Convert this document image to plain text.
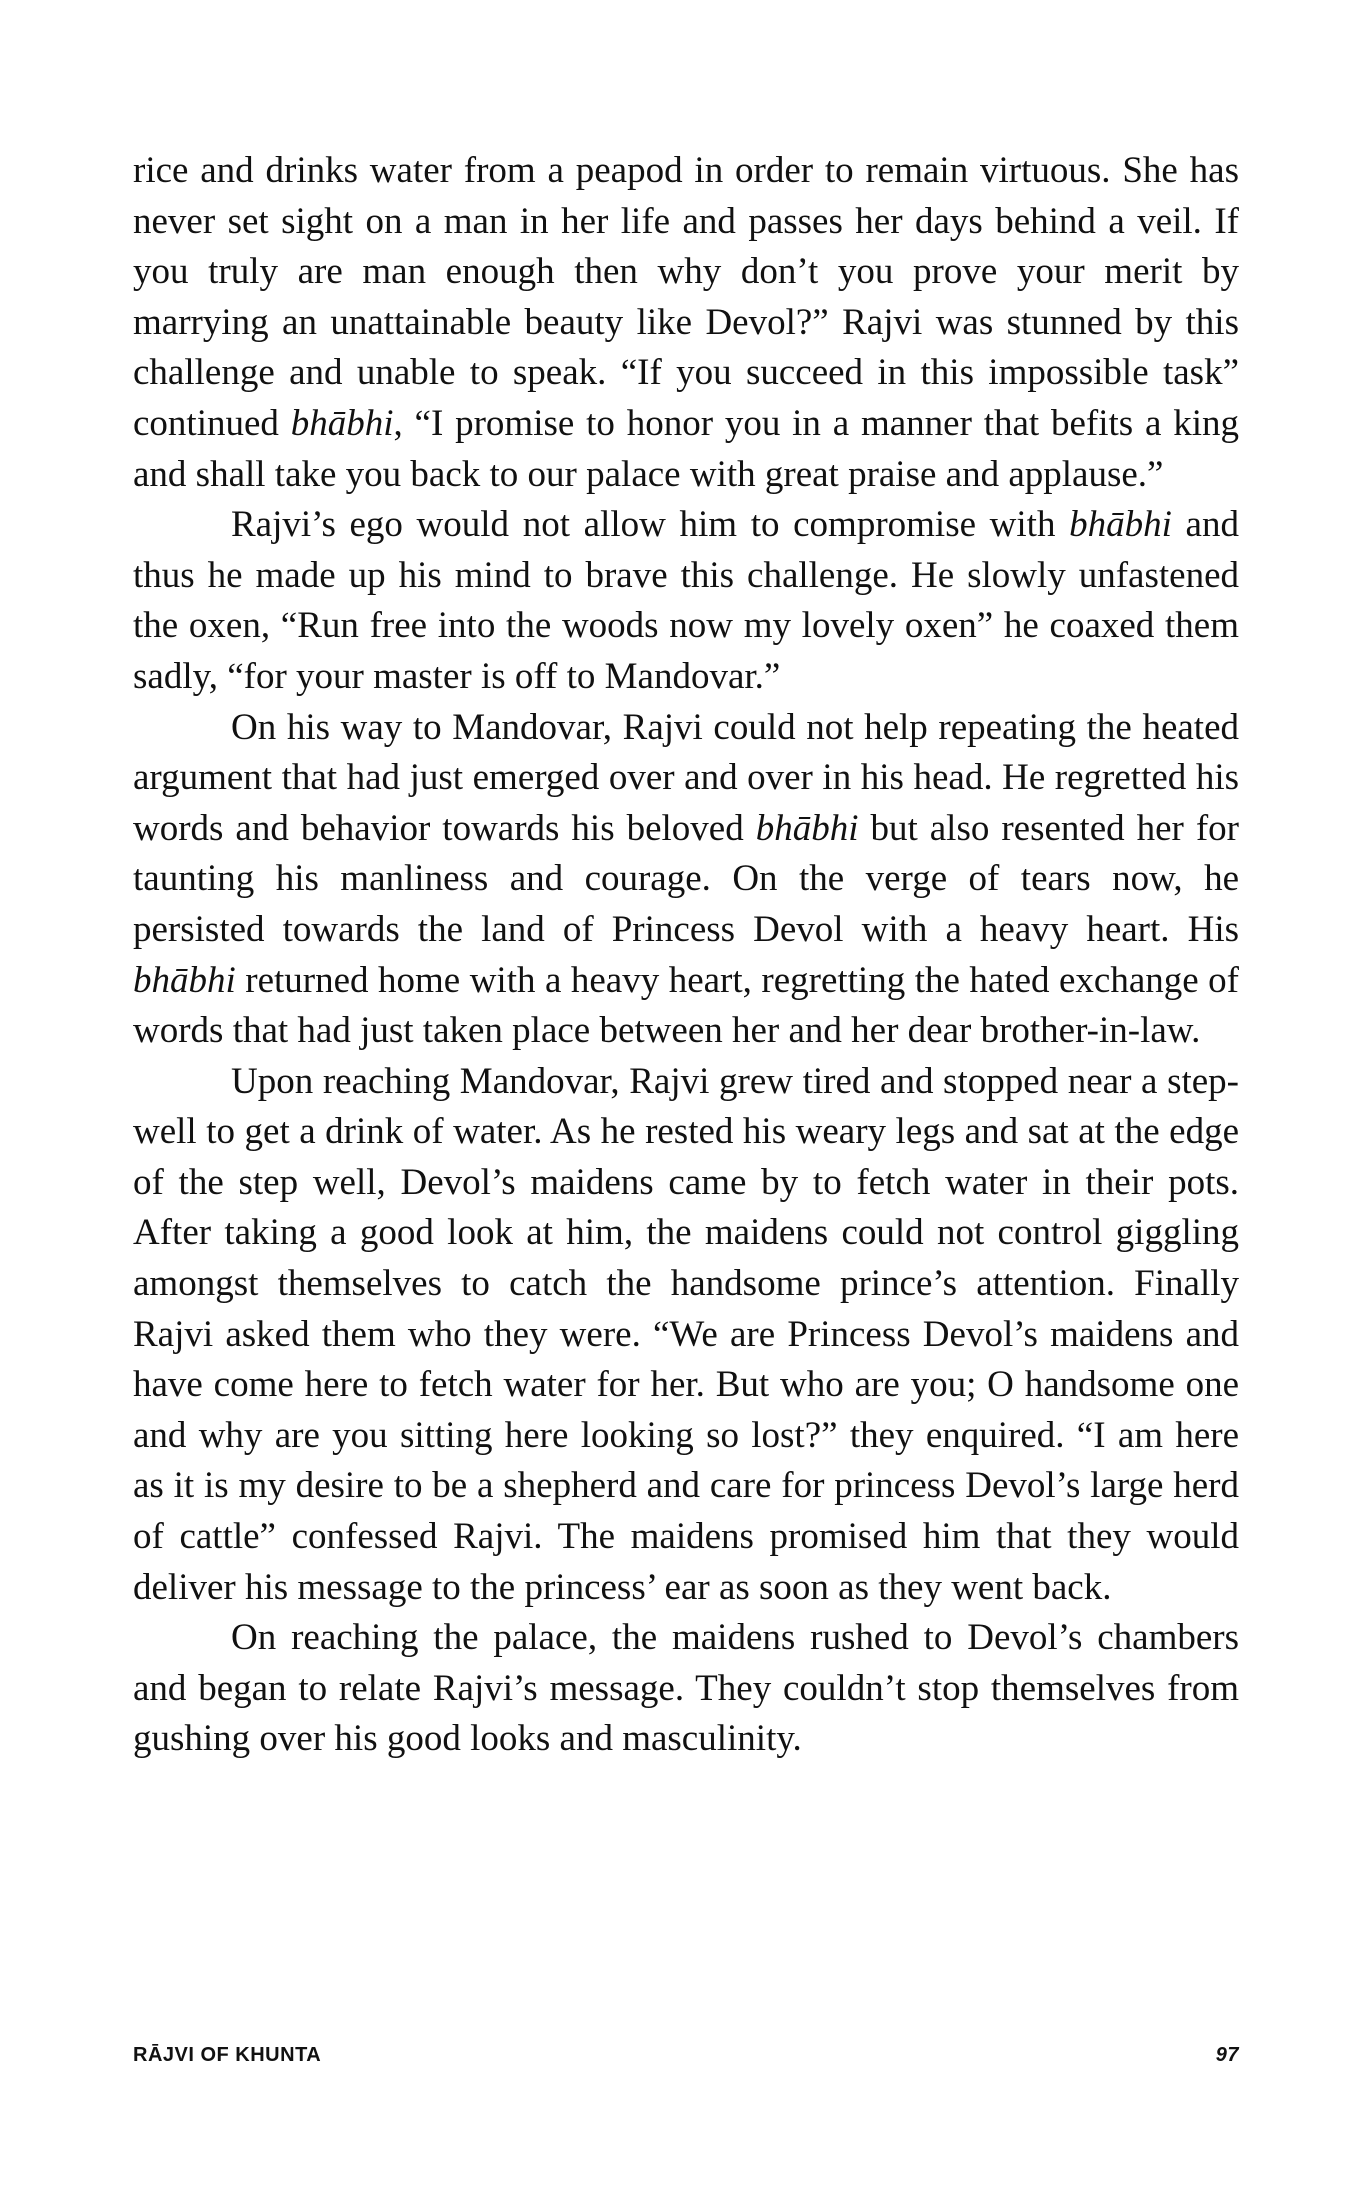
rice and drinks water from a peapod in order to remain virtuous. She has never set sight on a man in her life and passes her days behind a veil. If you truly are man enough then why don’t you prove your merit by marrying an unattainable beauty like Devol?” Rajvi was stunned by this challenge and unable to speak. “If you succeed in this impossible task” continued bhābhi, “I promise to honor you in a manner that befits a king and shall take you back to our palace with great praise and applause.”

Rajvi’s ego would not allow him to compromise with bhābhi and thus he made up his mind to brave this challenge. He slowly unfastened the oxen, “Run free into the woods now my lovely oxen” he coaxed them sadly, “for your master is off to Mandovar.”

On his way to Mandovar, Rajvi could not help repeating the heated argument that had just emerged over and over in his head. He regretted his words and behavior towards his beloved bhābhi but also resented her for taunting his manliness and courage. On the verge of tears now, he persisted towards the land of Princess Devol with a heavy heart. His bhābhi returned home with a heavy heart, regretting the hated exchange of words that had just taken place between her and her dear brother-in-law.

Upon reaching Mandovar, Rajvi grew tired and stopped near a step-well to get a drink of water. As he rested his weary legs and sat at the edge of the step well, Devol’s maidens came by to fetch water in their pots. After taking a good look at him, the maidens could not control giggling amongst themselves to catch the handsome prince’s attention. Finally Rajvi asked them who they were. “We are Princess Devol’s maidens and have come here to fetch water for her. But who are you; O handsome one and why are you sitting here looking so lost?” they enquired. “I am here as it is my desire to be a shepherd and care for princess Devol’s large herd of cattle” confessed Rajvi. The maidens promised him that they would deliver his message to the princess’ ear as soon as they went back.

On reaching the palace, the maidens rushed to Devol’s chambers and began to relate Rajvi’s message. They couldn’t stop themselves from gushing over his good looks and masculinity.

RĀJVI OF KHUNTA	97
